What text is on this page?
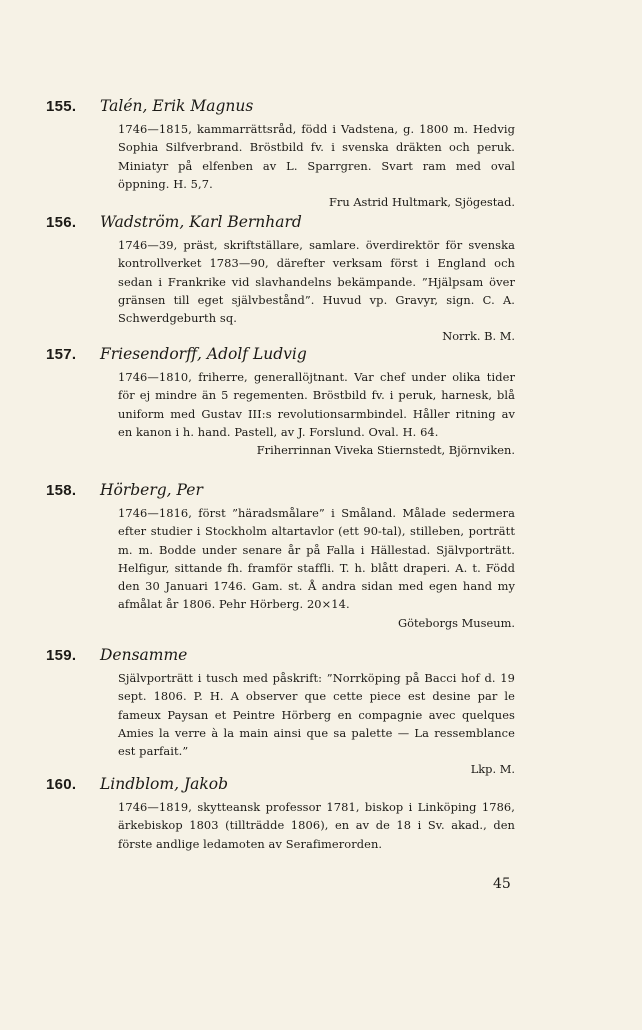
155. Talén, Erik Magnus
1746—1815, kammarrättsråd, född i Vadstena, g. 1800 m. Hedvig Sophia Silfverbrand. Bröstbild fv. i svenska dräkten och peruk. Miniatyr på elfenben av L. Sparrgren. Svart ram med oval öppning. H. 5,7.
Fru Astrid Hultmark, Sjögestad.
156. Wadström, Karl Bernhard
1746—39, präst, skriftställare, samlare. överdirektör för svenska kontrollverket 1783—90, därefter verksam först i England och sedan i Frankrike vid slavhandelns bekämpande. ”Hjälpsam över gränsen till eget självbestånd”. Huvud vp. Gravyr, sign. C. A. Schwerdgeburth sq.
Norrk. B. M.
157. Friesendorff, Adolf Ludvig
1746—1810, friherre, generallöjtnant. Var chef under olika tider för ej mindre än 5 regementen. Bröstbild fv. i peruk, harnesk, blå uniform med Gustav III:s revolutionsarmbindel. Håller ritning av en kanon i h. hand. Pastell, av J. Forslund. Oval. H. 64.
Friherrinnan Viveka Stiernstedt, Björnviken.
158. Hörberg, Per
1746—1816, först ”häradsmålare” i Småland. Målade sedermera efter studier i Stockholm altartavlor (ett 90-tal), stilleben, porträtt m. m. Bodde under senare år på Falla i Hällestad. Självporträtt. Helfigur, sittande fh. framför staffli. T. h. blått draperi. A. t. Född den 30 Januari 1746. Gam. st. Å andra sidan med egen hand my afmålat år 1806. Pehr Hörberg. 20×14.
Göteborgs Museum.
159. Densamme
Självporträtt i tusch med påskrift: ”Norrköping på Bacci hof d. 19 sept. 1806. P. H. A observer que cette piece est desine par le fameux Paysan et Peintre Hörberg en compagnie avec quelques Amies la verre à la main ainsi que sa palette — La ressemblance est parfait.”
Lkp. M.
160. Lindblom, Jakob
1746—1819, skytteansk professor 1781, biskop i Linköping 1786, ärkebiskop 1803 (tillträdde 1806), en av de 18 i Sv. akad., den förste andlige ledamoten av Serafimerorden.
45
